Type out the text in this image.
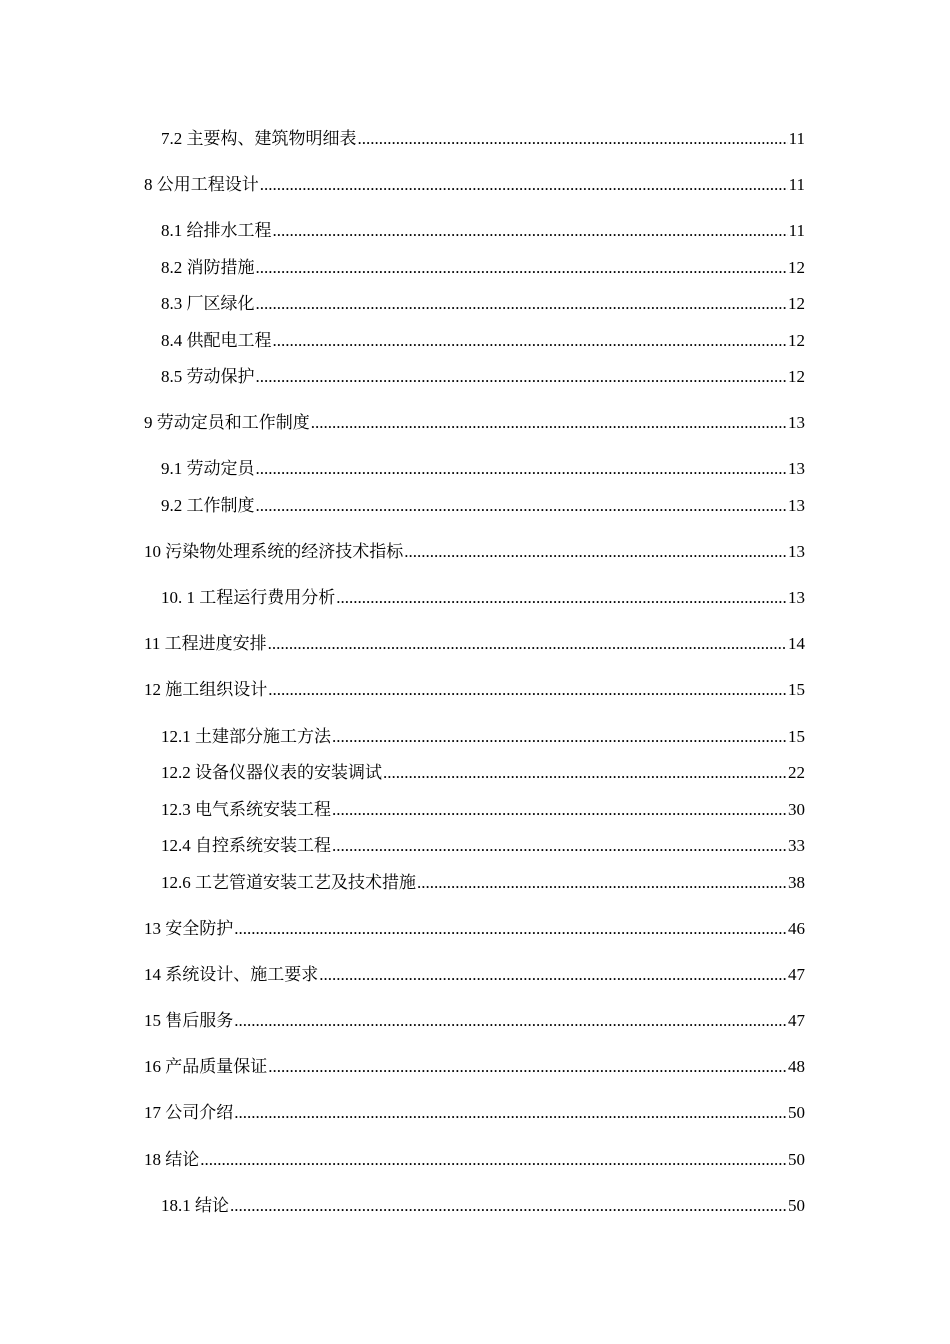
7.2 主要构、建筑物明细表 .....	11
8 公用工程设计 .....	11
8.1 给排水工程 .....	11
8.2 消防措施 .....	12
8.3 厂区绿化 .....	12
8.4 供配电工程 .....	12
8.5 劳动保护 .....	12
9 劳动定员和工作制度 .....	13
9.1 劳动定员 .....	13
9.2 工作制度 .....	13
10 污染物处理系统的经济技术指标 .....	13
10. 1 工程运行费用分析 .....	13
11 工程进度安排 .....	14
12 施工组织设计 .....	15
12.1 土建部分施工方法 .....	15
12.2 设备仪器仪表的安装调试 .....	22
12.3 电气系统安装工程 .....	30
12.4 自控系统安装工程 .....	33
12.6 工艺管道安装工艺及技术措施 .....	38
13 安全防护 .....	46
14 系统设计、施工要求 .....	47
15 售后服务 .....	47
16 产品质量保证 .....	48
17 公司介绍 .....	50
18 结论 .....	50
18.1 结论 .....	50
